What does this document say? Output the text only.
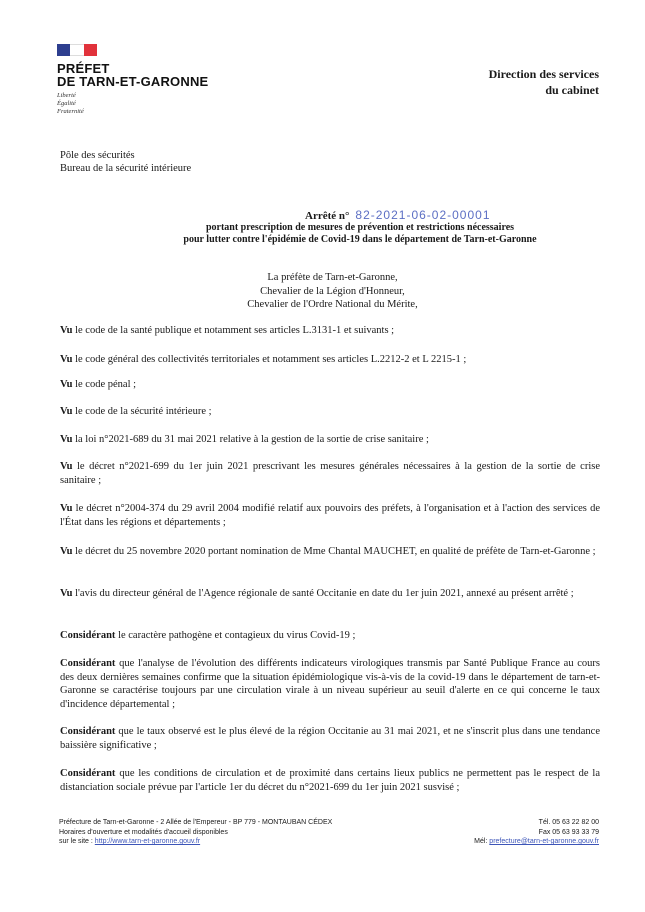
PRÉFET
DE TARN-ET-GARONNE
Liberté
Égalité
Fraternité
Direction des services
du cabinet
Pôle des sécurités
Bureau de la sécurité intérieure
Arrêté n° 82-2021-06-02-00001
portant prescription de mesures de prévention et restrictions nécessaires
pour lutter contre l'épidémie de Covid-19 dans le département de Tarn-et-Garonne
La préfète de Tarn-et-Garonne,
Chevalier de la Légion d'Honneur,
Chevalier de l'Ordre National du Mérite,
Vu le code de la santé publique et notamment ses articles L.3131-1 et suivants ;
Vu le code général des collectivités territoriales et notamment ses articles L.2212-2 et L 2215-1 ;
Vu le code pénal ;
Vu le code de la sécurité intérieure ;
Vu la loi n°2021-689 du 31 mai 2021 relative à la gestion de la sortie de crise sanitaire ;
Vu le décret n°2021-699 du 1er juin 2021 prescrivant les mesures générales nécessaires à la gestion de la sortie de crise sanitaire ;
Vu le décret n°2004-374 du 29 avril 2004 modifié relatif aux pouvoirs des préfets, à l'organisation et à l'action des services de l'État dans les régions et départements ;
Vu le décret du 25 novembre 2020 portant nomination de Mme Chantal MAUCHET, en qualité de préfète de Tarn-et-Garonne ;
Vu l'avis du directeur général de l'Agence régionale de santé Occitanie en date du 1er juin 2021, annexé au présent arrêté ;
Considérant le caractère pathogène et contagieux du virus Covid-19 ;
Considérant que l'analyse de l'évolution des différents indicateurs virologiques transmis par Santé Publique France au cours des deux dernières semaines confirme que la situation épidémiologique vis-à-vis de la covid-19 dans le département de tarn-et-Garonne se caractérise toujours par une circulation virale à un niveau supérieur au seuil d'alerte en ce qui concerne le taux d'incidence départemental ;
Considérant que le taux observé est le plus élevé de la région Occitanie au 31 mai 2021, et ne s'inscrit plus dans une tendance baissière significative ;
Considérant que les conditions de circulation et de proximité dans certains lieux publics ne permettent pas le respect de la distanciation sociale prévue par l'article 1er du décret du n°2021-699 du 1er juin 2021 susvisé ;
Préfecture de Tarn-et-Garonne - 2 Allée de l'Empereur - BP 779 - MONTAUBAN CÉDEX
Horaires d'ouverture et modalités d'accueil disponibles
sur le site : http://www.tarn-et-garonne.gouv.fr
Tél. 05 63 22 82 00
Fax 05 63 93 33 79
Mél: prefecture@tarn-et-garonne.gouv.fr
